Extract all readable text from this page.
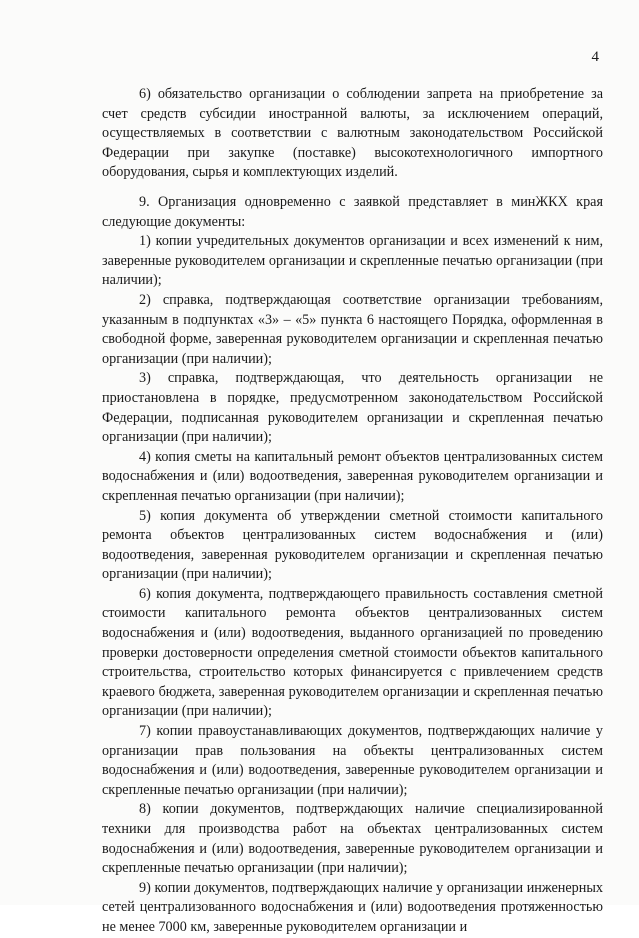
4

6) обязательство организации о соблюдении запрета на приобретение за счет средств субсидии иностранной валюты, за исключением операций, осуществляемых в соответствии с валютным законодательством Российской Федерации при закупке (поставке) высокотехнологичного импортного оборудования, сырья и комплектующих изделий.

9. Организация одновременно с заявкой представляет в минЖКХ края следующие документы:

1) копии учредительных документов организации и всех изменений к ним, заверенные руководителем организации и скрепленные печатью организации (при наличии);

2) справка, подтверждающая соответствие организации требованиям, указанным в подпунктах «3» – «5» пункта 6 настоящего Порядка, оформленная в свободной форме, заверенная руководителем организации и скрепленная печатью организации (при наличии);

3) справка, подтверждающая, что деятельность организации не приостановлена в порядке, предусмотренном законодательством Российской Федерации, подписанная руководителем организации и скрепленная печатью организации (при наличии);

4) копия сметы на капитальный ремонт объектов централизованных систем водоснабжения и (или) водоотведения, заверенная руководителем организации и скрепленная печатью организации (при наличии);

5) копия документа об утверждении сметной стоимости капитального ремонта объектов централизованных систем водоснабжения и (или) водоотведения, заверенная руководителем организации и скрепленная печатью организации (при наличии);

6) копия документа, подтверждающего правильность составления сметной стоимости капитального ремонта объектов централизованных систем водоснабжения и (или) водоотведения, выданного организацией по проведению проверки достоверности определения сметной стоимости объектов капитального строительства, строительство которых финансируется с привлечением средств краевого бюджета, заверенная руководителем организации и скрепленная печатью организации (при наличии);

7) копии правоустанавливающих документов, подтверждающих наличие у организации прав пользования на объекты централизованных систем водоснабжения и (или) водоотведения, заверенные руководителем организации и скрепленные печатью организации (при наличии);

8) копии документов, подтверждающих наличие специализированной техники для производства работ на объектах централизованных систем водоснабжения и (или) водоотведения, заверенные руководителем организации и скрепленные печатью организации (при наличии);

9) копии документов, подтверждающих наличие у организации инженерных сетей централизованного водоснабжения и (или) водоотведения протяженностью не менее 7000 км, заверенные руководителем организации и
